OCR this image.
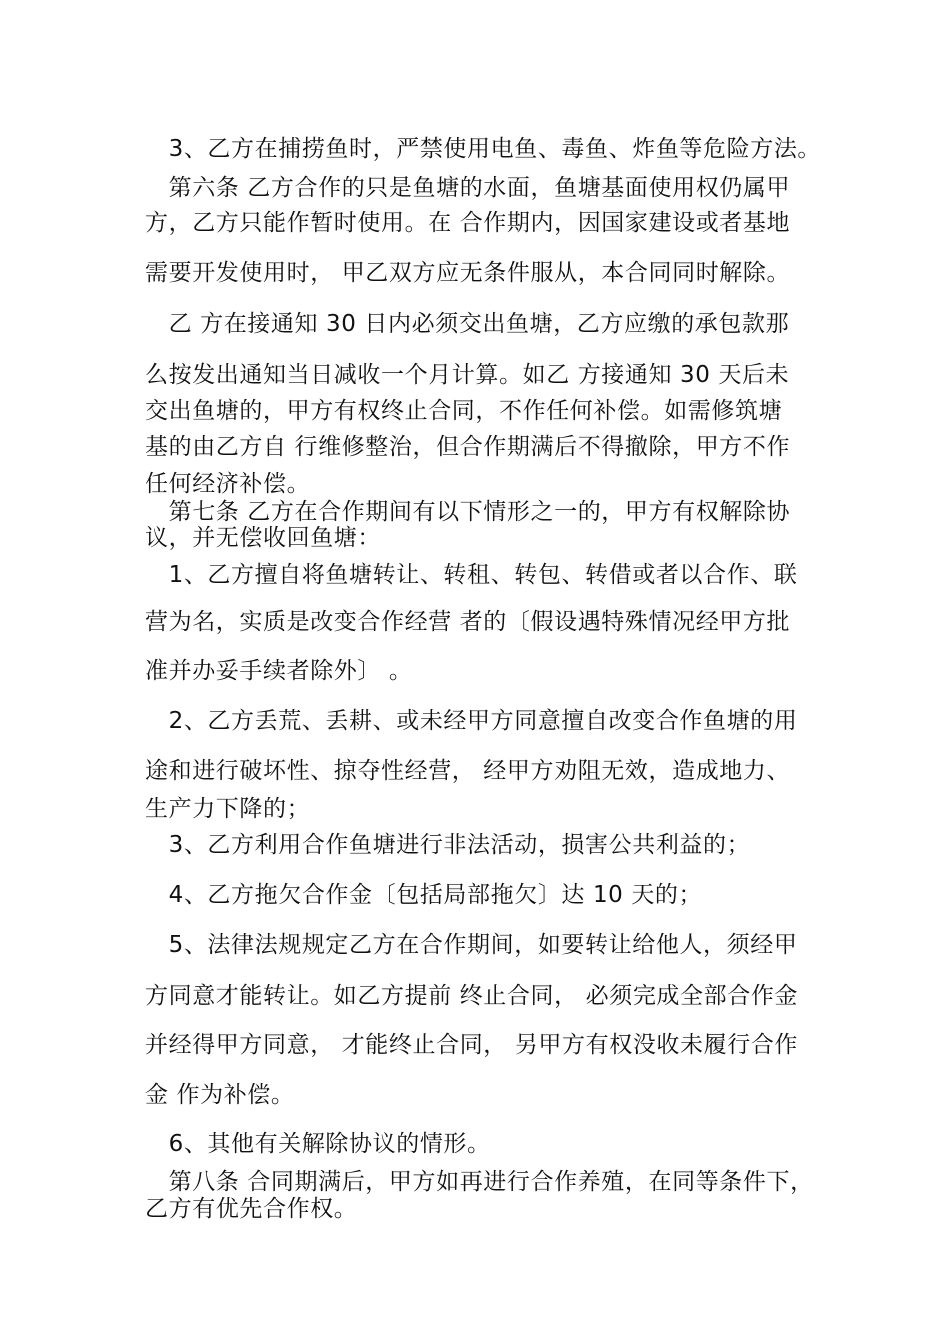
　3、乙方在捕捞鱼时，严禁使用电鱼、毒鱼、炸鱼等危险方法。
　第六条 乙方合作的只是鱼塘的水面，鱼塘基面使用权仍属甲
方，乙方只能作暂时使用。在 合作期内，因国家建设或者基地
需要开发使用时， 甲乙双方应无条件服从，本合同同时解除。
　乙 方在接通知 30 日内必须交出鱼塘，乙方应缴的承包款那
么按发出通知当日减收一个月计算。如乙 方接通知 30 天后未
交出鱼塘的，甲方有权终止合同，不作任何补偿。如需修筑塘
基的由乙方自 行维修整治，但合作期满后不得撤除，甲方不作
任何经济补偿。
　第七条 乙方在合作期间有以下情形之一的，甲方有权解除协
议，并无偿收回鱼塘：
　1、乙方擅自将鱼塘转让、转租、转包、转借或者以合作、联
营为名，实质是改变合作经营 者的〔假设遇特殊情况经甲方批
准并办妥手续者除外〕 。
　2、乙方丢荒、丢耕、或未经甲方同意擅自改变合作鱼塘的用
途和进行破坏性、掠夺性经营， 经甲方劝阻无效，造成地力、
生产力下降的；
　3、乙方利用合作鱼塘进行非法活动，损害公共利益的；
　4、乙方拖欠合作金〔包括局部拖欠〕达 10 天的；
　5、法律法规规定乙方在合作期间，如要转让给他人，须经甲
方同意才能转让。如乙方提前 终止合同， 必须完成全部合作金
并经得甲方同意， 才能终止合同， 另甲方有权没收未履行合作
金 作为补偿。
　6、其他有关解除协议的情形。
　第八条 合同期满后，甲方如再进行合作养殖，在同等条件下，
乙方有优先合作权。
